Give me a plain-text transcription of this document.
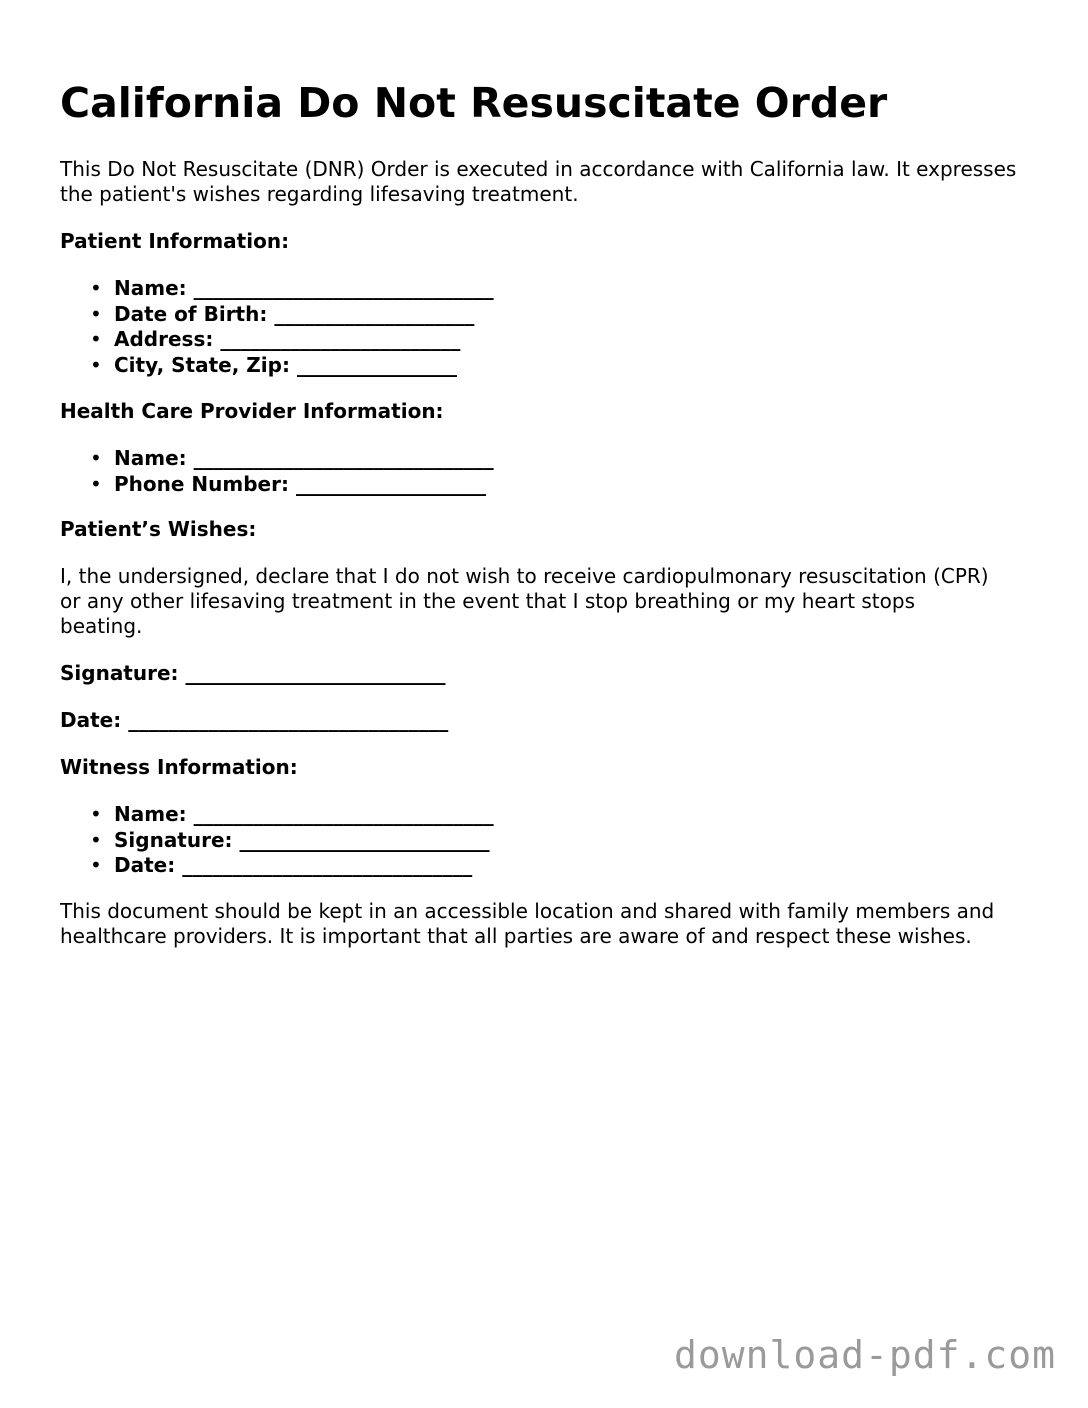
California Do Not Resuscitate Order

This Do Not Resuscitate (DNR) Order is executed in accordance with California law. It expresses the patient's wishes regarding lifesaving treatment.

Patient Information:

• Name: ______________________________
• Date of Birth: ____________________
• Address: ________________________
• City, State, Zip: ________________

Health Care Provider Information:

• Name: ______________________________
• Phone Number: ___________________

Patient’s Wishes:

I, the undersigned, declare that I do not wish to receive cardiopulmonary resuscitation (CPR) or any other lifesaving treatment in the event that I stop breathing or my heart stops beating.

Signature: __________________________

Date: ________________________________

Witness Information:

• Name: ______________________________
• Signature: _________________________
• Date: _____________________________

This document should be kept in an accessible location and shared with family members and healthcare providers. It is important that all parties are aware of and respect these wishes.

download-pdf.com
